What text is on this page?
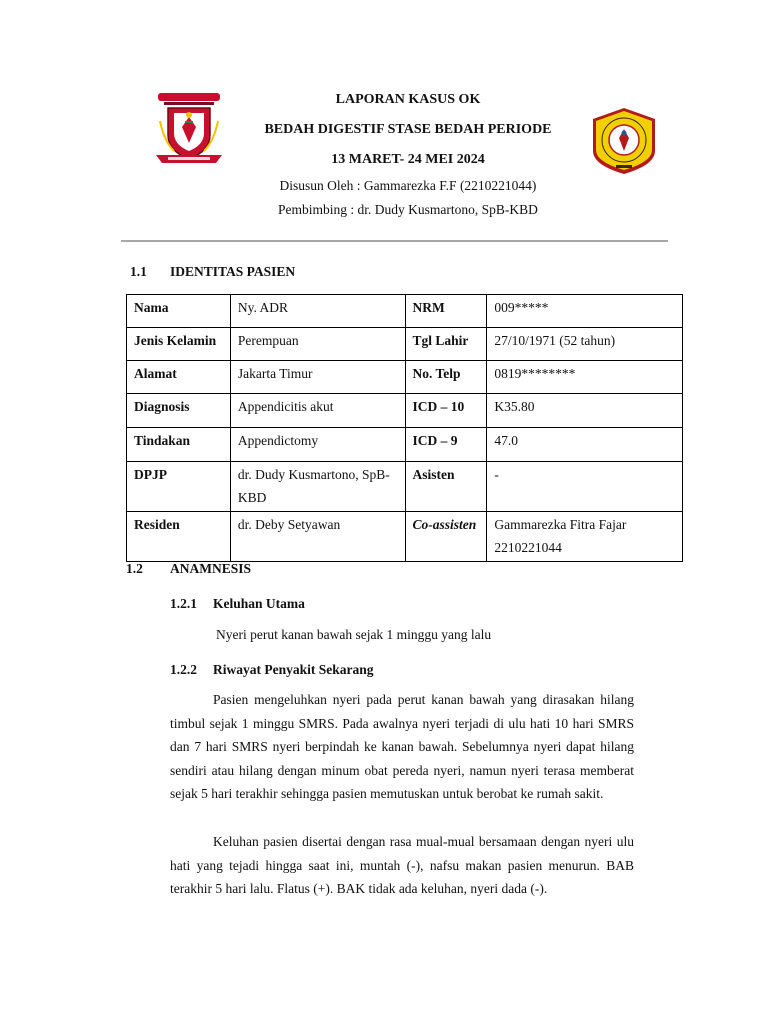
LAPORAN KASUS OK
BEDAH DIGESTIF STASE BEDAH PERIODE
13 MARET- 24 MEI 2024
Disusun Oleh : Gammarezka F.F (2210221044)
Pembimbing : dr. Dudy Kusmartono, SpB-KBD
1.1 IDENTITAS PASIEN
Nama	Ny. ADR	NRM	009*****
Jenis Kelamin	Perempuan	Tgl Lahir	27/10/1971 (52 tahun)
Alamat	Jakarta Timur	No. Telp	0819********
Diagnosis	Appendicitis akut	ICD – 10	K35.80
Tindakan	Appendictomy	ICD – 9	47.0
DPJP	dr. Dudy Kusmartono, SpB-KBD	Asisten	-
Residen	dr. Deby Setyawan	Co-assisten	Gammarezka Fitra Fajar 2210221044
1.2 ANAMNESIS
1.2.1 Keluhan Utama
Nyeri perut kanan bawah sejak 1 minggu yang lalu
1.2.2 Riwayat Penyakit Sekarang
Pasien mengeluhkan nyeri pada perut kanan bawah yang dirasakan hilang timbul sejak 1 minggu SMRS. Pada awalnya nyeri terjadi di ulu hati 10 hari SMRS dan 7 hari SMRS nyeri berpindah ke kanan bawah. Sebelumnya nyeri dapat hilang sendiri atau hilang dengan minum obat pereda nyeri, namun nyeri terasa memberat sejak 5 hari terakhir sehingga pasien memutuskan untuk berobat ke rumah sakit.
Keluhan pasien disertai dengan rasa mual-mual bersamaan dengan nyeri ulu hati yang tejadi hingga saat ini, muntah (-), nafsu makan pasien menurun. BAB terakhir 5 hari lalu. Flatus (+). BAK tidak ada keluhan, nyeri dada (-).
